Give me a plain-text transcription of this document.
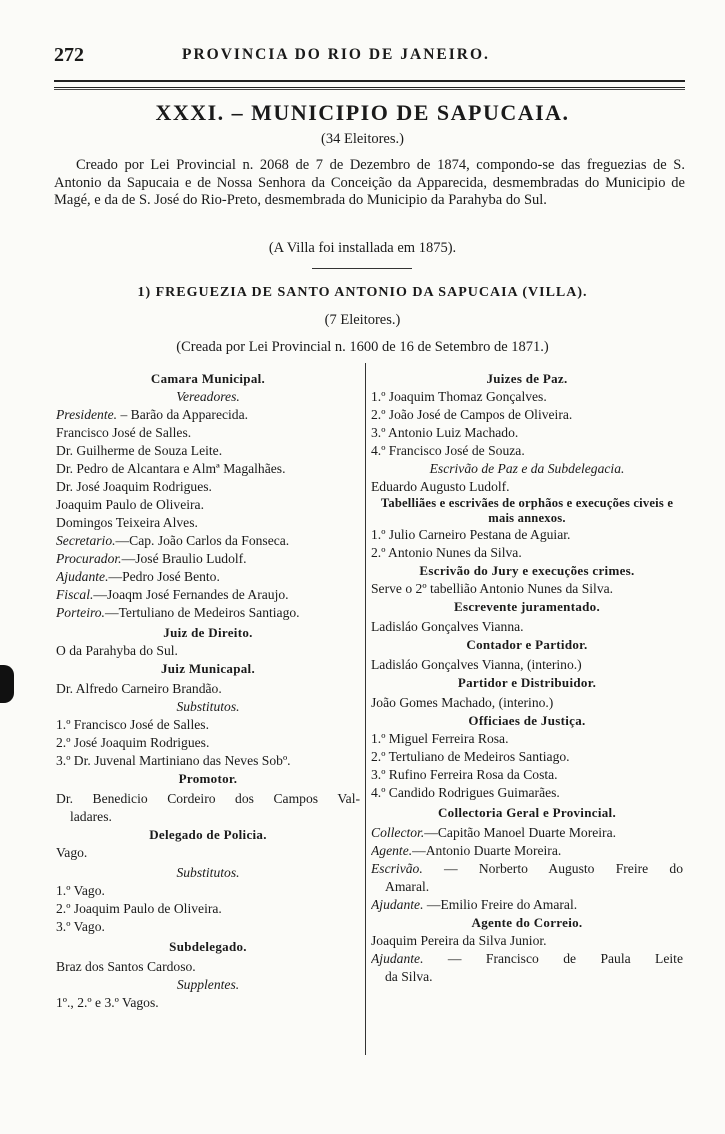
272	PROVINCIA DO RIO DE JANEIRO.
XXXI. – MUNICIPIO DE SAPUCAIA.
(34 Eleitores.)
Creado por Lei Provincial n. 2068 de 7 de Dezembro de 1874, compondo-se das freguezias de S. Antonio da Sapucaia e de Nossa Senhora da Conceição da Apparecida, desmembradas do Municipio de Magé, e da de S. José do Rio-Preto, desmembrada do Municipio da Parahyba do Sul.
(A Villa foi installada em 1875).
1) FREGUEZIA DE SANTO ANTONIO DA SAPUCAIA (VILLA).
(7 Eleitores.)
(Creada por Lei Provincial n. 1600 de 16 de Setembro de 1871.)
Camara Municipal.
Vereadores.
Presidente. – Barão da Apparecida.
Francisco José de Salles.
Dr. Guilherme de Souza Leite.
Dr. Pedro de Alcantara e Almª Magalhães.
Dr. José Joaquim Rodrigues.
Joaquim Paulo de Oliveira.
Domingos Teixeira Alves.
Secretario.—Cap. João Carlos da Fonseca.
Procurador.—José Braulio Ludolf.
Ajudante.—Pedro José Bento.
Fiscal.—Joaqm José Fernandes de Araujo.
Porteiro.—Tertuliano de Medeiros Santiago.
Juiz de Direito.
O da Parahyba do Sul.
Juiz Municapal.
Dr. Alfredo Carneiro Brandão.
Substitutos.
1.º Francisco José de Salles.
2.º José Joaquim Rodrigues.
3.º Dr. Juvenal Martiniano das Neves Sobº.
Promotor.
Dr. Benedicio Cordeiro dos Campos Val-
ladares.
Delegado de Policia.
Vago.
Substitutos.
1.º Vago.
2.º Joaquim Paulo de Oliveira.
3.º Vago.
Subdelegado.
Braz dos Santos Cardoso.
Supplentes.
1º., 2.º e 3.º Vagos.
Juizes de Paz.
1.º Joaquim Thomaz Gonçalves.
2.º João José de Campos de Oliveira.
3.º Antonio Luiz Machado.
4.º Francisco José de Souza.
Escrivão de Paz e da Subdelegacia.
Eduardo Augusto Ludolf.
Tabelliães e escrivães de orphãos e execuções civeis e mais annexos.
1.º Julio Carneiro Pestana de Aguiar.
2.º Antonio Nunes da Silva.
Escrivão do Jury e execuções crimes.
Serve o 2º tabellião Antonio Nunes da Silva.
Escrevente juramentado.
Ladisláo Gonçalves Vianna.
Contador e Partidor.
Ladisláo Gonçalves Vianna, (interino.)
Partidor e Distribuidor.
João Gomes Machado, (interino.)
Officiaes de Justiça.
1.º Miguel Ferreira Rosa.
2.º Tertuliano de Medeiros Santiago.
3.º Rufino Ferreira Rosa da Costa.
4.º Candido Rodrigues Guimarães.
Collectoria Geral e Provincial.
Collector.—Capitão Manoel Duarte Moreira.
Agente.—Antonio Duarte Moreira.
Escrivão. — Norberto Augusto Freire do
Amaral.
Ajudante. —Emilio Freire do Amaral.
Agente do Correio.
Joaquim Pereira da Silva Junior.
Ajudante. — Francisco de Paula Leite
da Silva.
